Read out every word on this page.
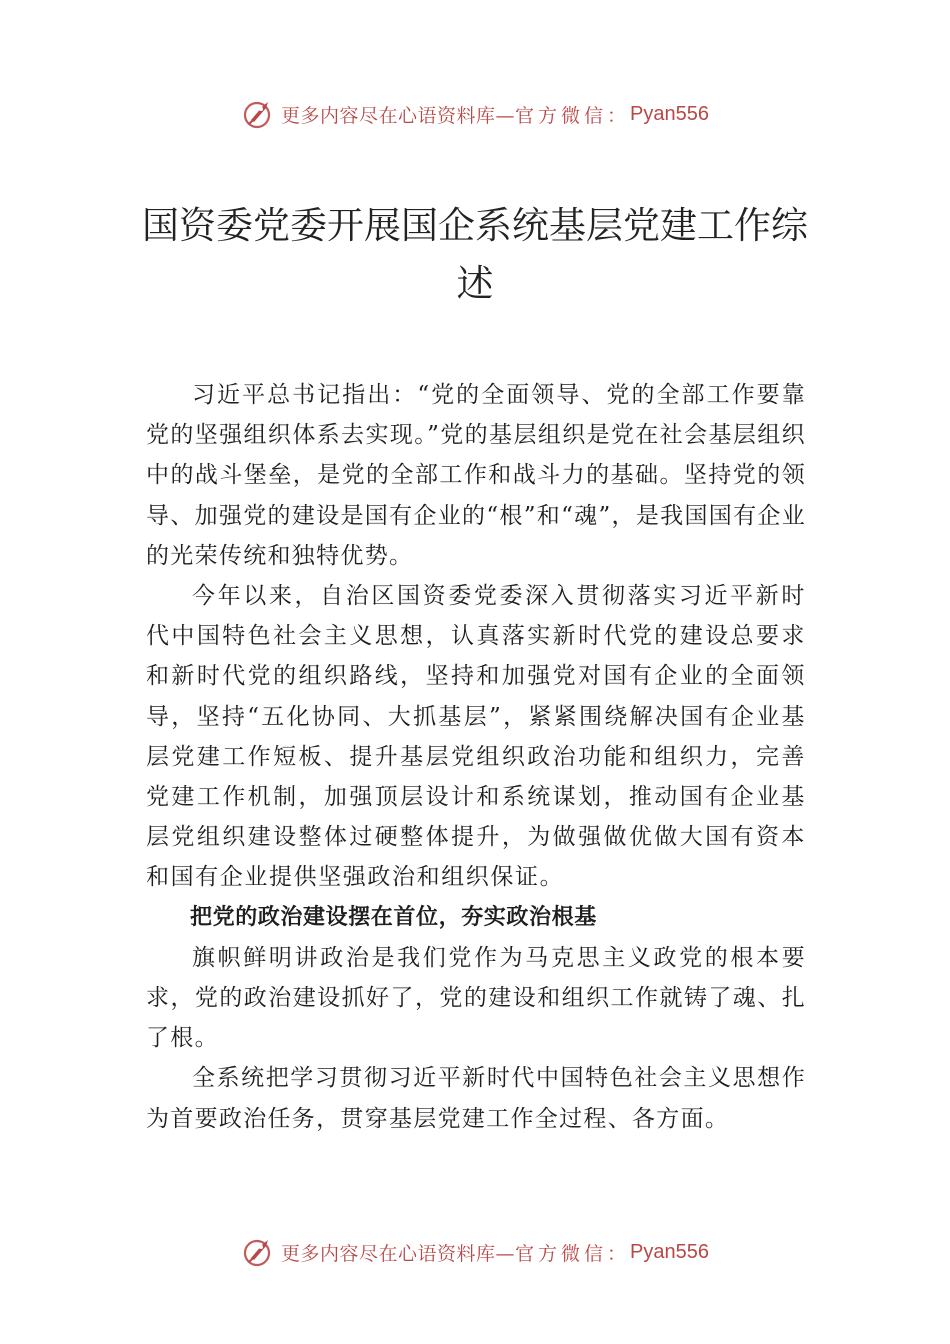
更多内容尽在心语资料库— 官方微信： Pyan556
国资委党委开展国企系统基层党建工作综
述

习近平总书记指出：“党的全面领导、党的全部工作要靠党的坚强组织体系去实现。”党的基层组织是党在社会基层组织中的战斗堡垒，是党的全部工作和战斗力的基础。坚持党的领导、加强党的建设是国有企业的“根”和“魂”，是我国国有企业的光荣传统和独特优势。

今年以来，自治区国资委党委深入贯彻落实习近平新时代中国特色社会主义思想，认真落实新时代党的建设总要求和新时代党的组织路线，坚持和加强党对国有企业的全面领导，坚持“五化协同、大抓基层”，紧紧围绕解决国有企业基层党建工作短板、提升基层党组织政治功能和组织力，完善党建工作机制，加强顶层设计和系统谋划，推动国有企业基层党组织建设整体过硬整体提升，为做强做优做大国有资本和国有企业提供坚强政治和组织保证。

把党的政治建设摆在首位，夯实政治根基

旗帜鲜明讲政治是我们党作为马克思主义政党的根本要求，党的政治建设抓好了，党的建设和组织工作就铸了魂、扎了根。

全系统把学习贯彻习近平新时代中国特色社会主义思想作为首要政治任务，贯穿基层党建工作全过程、各方面。

更多内容尽在心语资料库— 官方微信： Pyan556
